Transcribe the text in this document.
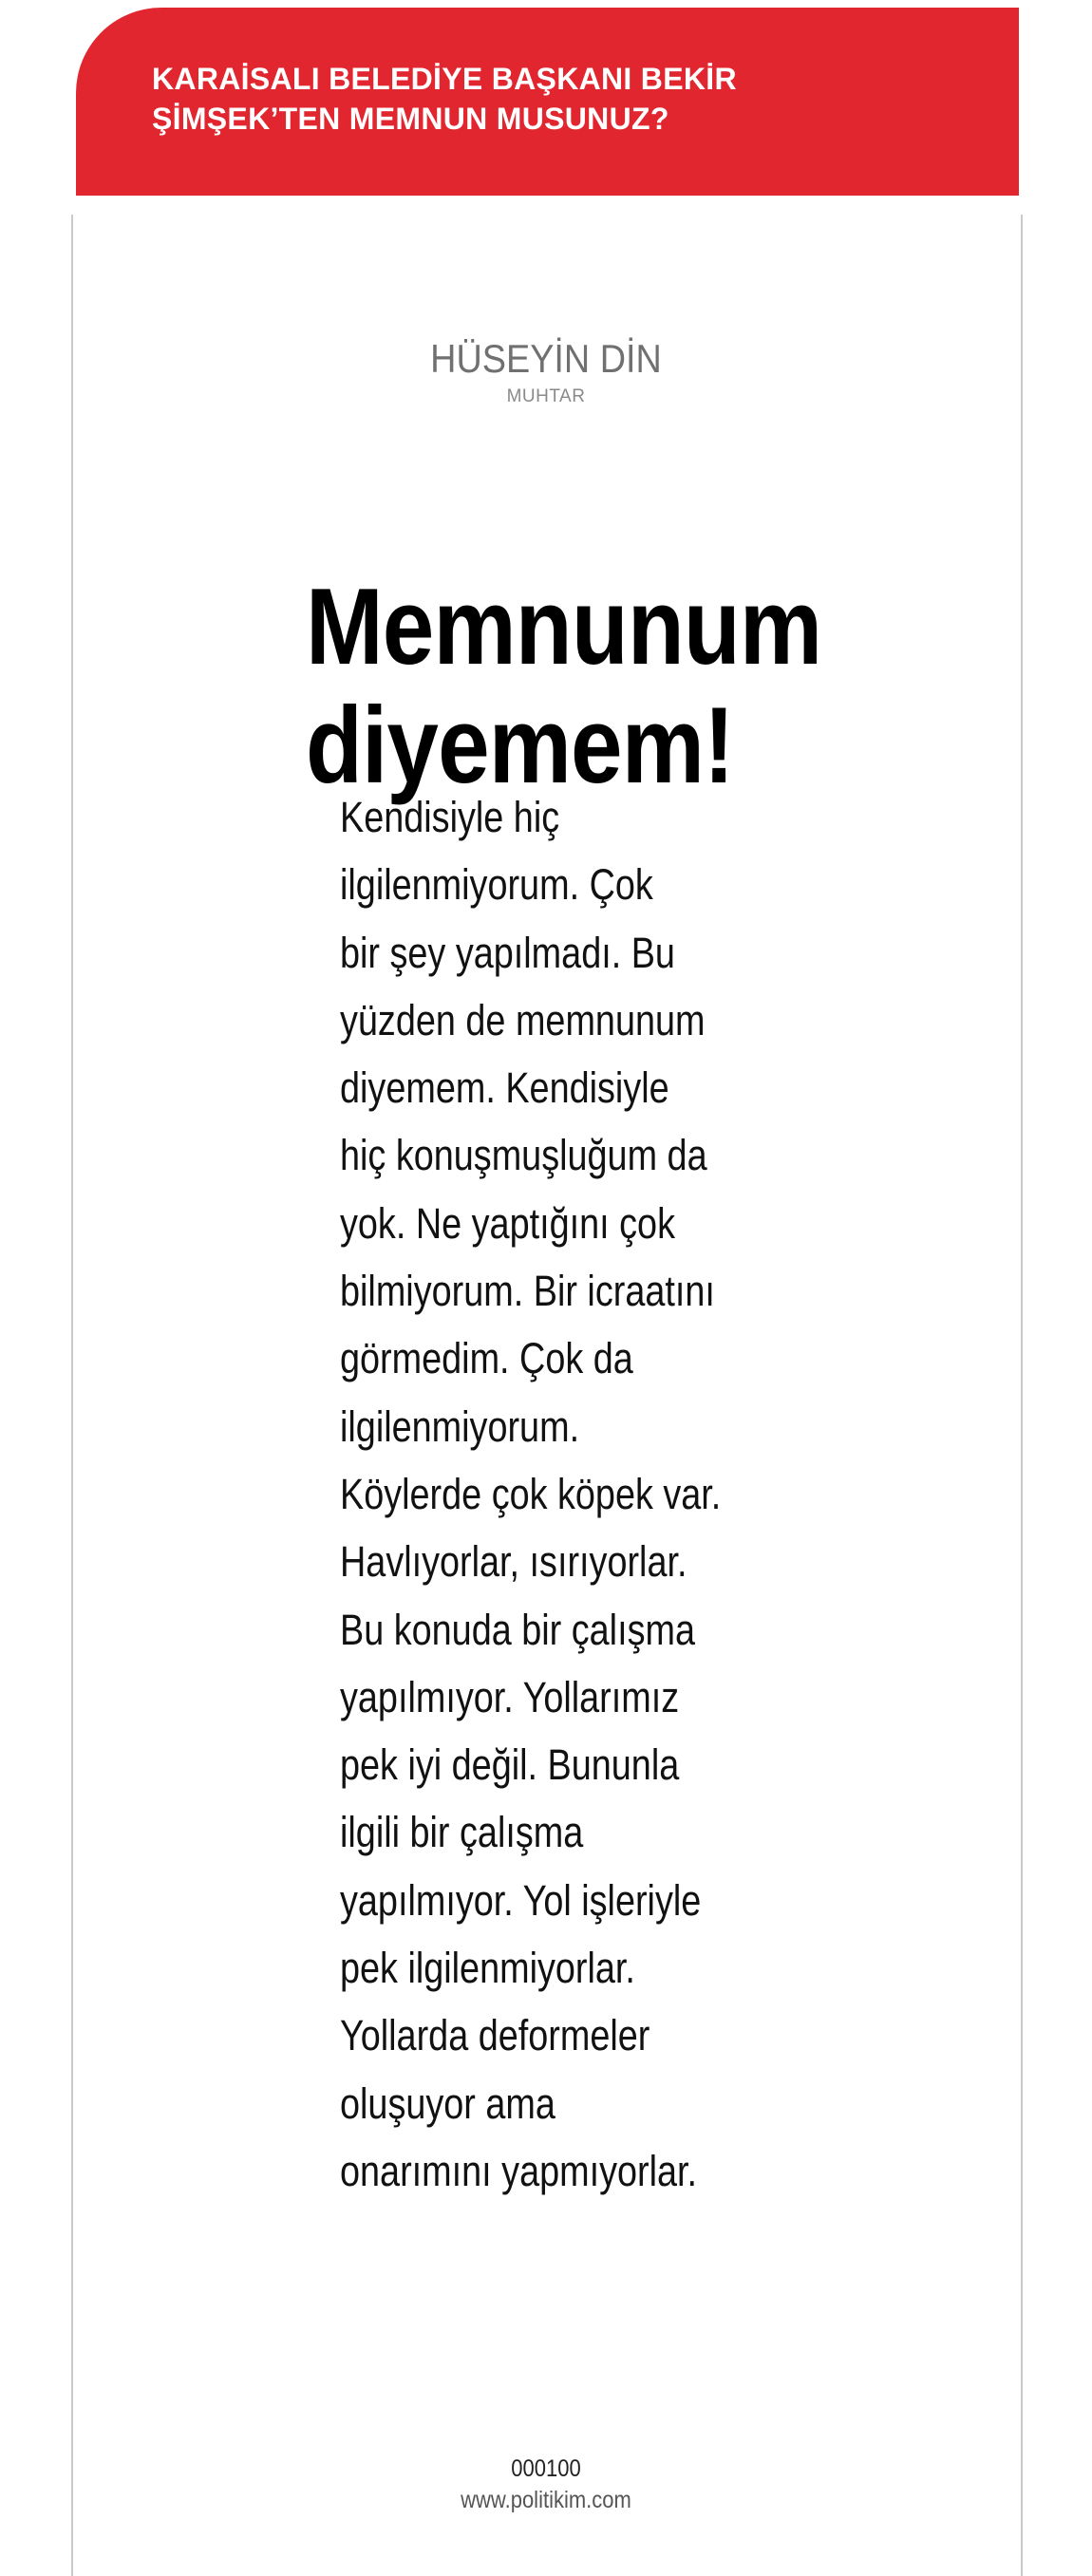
KARAİSALI BELEDİYE BAŞKANI BEKİR
ŞİMŞEK’TEN MEMNUN MUSUNUZ?
HÜSEYİN DİN
MUHTAR
Memnunum
diyemem!
Kendisiyle hiç
ilgilenmiyorum. Çok
bir şey yapılmadı. Bu
yüzden de memnunum
diyemem. Kendisiyle
hiç konuşmuşluğum da
yok. Ne yaptığını çok
bilmiyorum. Bir icraatını
görmedim. Çok da
ilgilenmiyorum.
Köylerde çok köpek var.
Havlıyorlar, ısırıyorlar.
Bu konuda bir çalışma
yapılmıyor. Yollarımız
pek iyi değil. Bununla
ilgili bir çalışma
yapılmıyor. Yol işleriyle
pek ilgilenmiyorlar.
Yollarda deformeler
oluşuyor ama
onarımını yapmıyorlar.
000100
www.politikim.com
